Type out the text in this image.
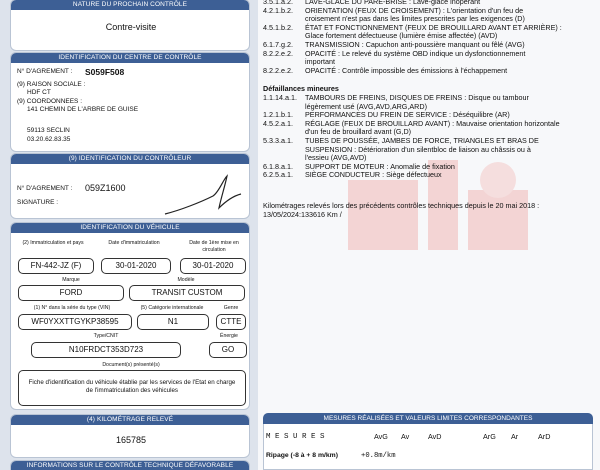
NATURE DU PROCHAIN CONTRÔLE
Contre-visite
IDENTIFICATION DU CENTRE DE CONTRÔLE
N° D'AGREMENT : S059F508
(9) RAISON SOCIALE :
HDF CT
(9) COORDONNEES :
141 CHEMIN DE L'ARBRE DE GUISE
59113 SECLIN
03.20.62.83.35
(9) IDENTIFICATION DU CONTRÔLEUR
N° D'AGREMENT : 059Z1600
SIGNATURE :
IDENTIFICATION DU VÉHICULE
(2) Immatriculation et pays	Date d'immatriculation	Date de 1ère mise en circulation
FN-442-JZ (F)	30-01-2020	30-01-2020
Marque	Modèle
FORD	TRANSIT CUSTOM
(1) N° dans la série du type (VIN)	(5) Catégorie internationale	Genre
WF0YXXTTGYKP38595	N1	CTTE
Type/CNIT	Énergie
N10FRDCT353D723	GO
Document(s) présenté(s)
Fiche d'identification du véhicule établie par les services de l'Etat en charge de l'immatriculation des véhicules
(4) KILOMÉTRAGE RELEVÉ
165785
INFORMATIONS SUR LE CONTRÔLE TECHNIQUE DÉFAVORABLE
3.5.1.a.2. LAVE-GLACE DU PARE-BRISE : Lave-glace inopérant
4.2.1.b.2. ORIENTATION (FEUX DE CROISEMENT) : L'orientation d'un feu de
croisement n'est pas dans les limites prescrites par les exigences (D)
4.5.1.b.2. ÉTAT ET FONCTIONNEMENT (FEUX DE BROUILLARD AVANT ET ARRIÈRE) :
Glace fortement défectueuse (lumière émise affectée) (AVD)
6.1.7.g.2. TRANSMISSION : Capuchon anti-poussière manquant ou fêlé (AVG)
8.2.2.e.2. OPACITÉ : Le relevé du système OBD indique un dysfonctionnement
important
8.2.2.e.2. OPACITÉ : Contrôle impossible des émissions à l'échappement
1.1.14.a.1. TAMBOURS DE FREINS, DISQUES DE FREINS : Disque ou tambour
légèrement usé (AVG,AVD,ARG,ARD)
1.2.1.b.1. PERFORMANCES DU FREIN DE SERVICE : Déséquilibre (AR)
4.5.2.a.1. RÉGLAGE (FEUX DE BROUILLARD AVANT) : Mauvaise orientation horizontale
d'un feu de brouillard avant (G,D)
5.3.3.a.1. TUBES DE POUSSÉE, JAMBES DE FORCE, TRIANGLES ET BRAS DE
SUSPENSION : Détérioration d'un silentbloc de liaison au châssis ou à
l'essieu (AVG,AVD)
6.1.8.a.1. SUPPORT DE MOTEUR : Anomalie de fixation
6.2.5.a.1. SIÈGE CONDUCTEUR : Siège défectueux
Défaillances mineures
Kilométrages relevés lors des précédents contrôles techniques depuis le 20 mai 2018 :
13/05/2024:133616 Km /
MESURES RÉALISÉES ET VALEURS LIMITES CORRESPONDANTES
M E S U R E S	AvG Av	AvD	ArG Ar	ArD
Ripage (-8 à + 8 m/km)	+0.8m/km
